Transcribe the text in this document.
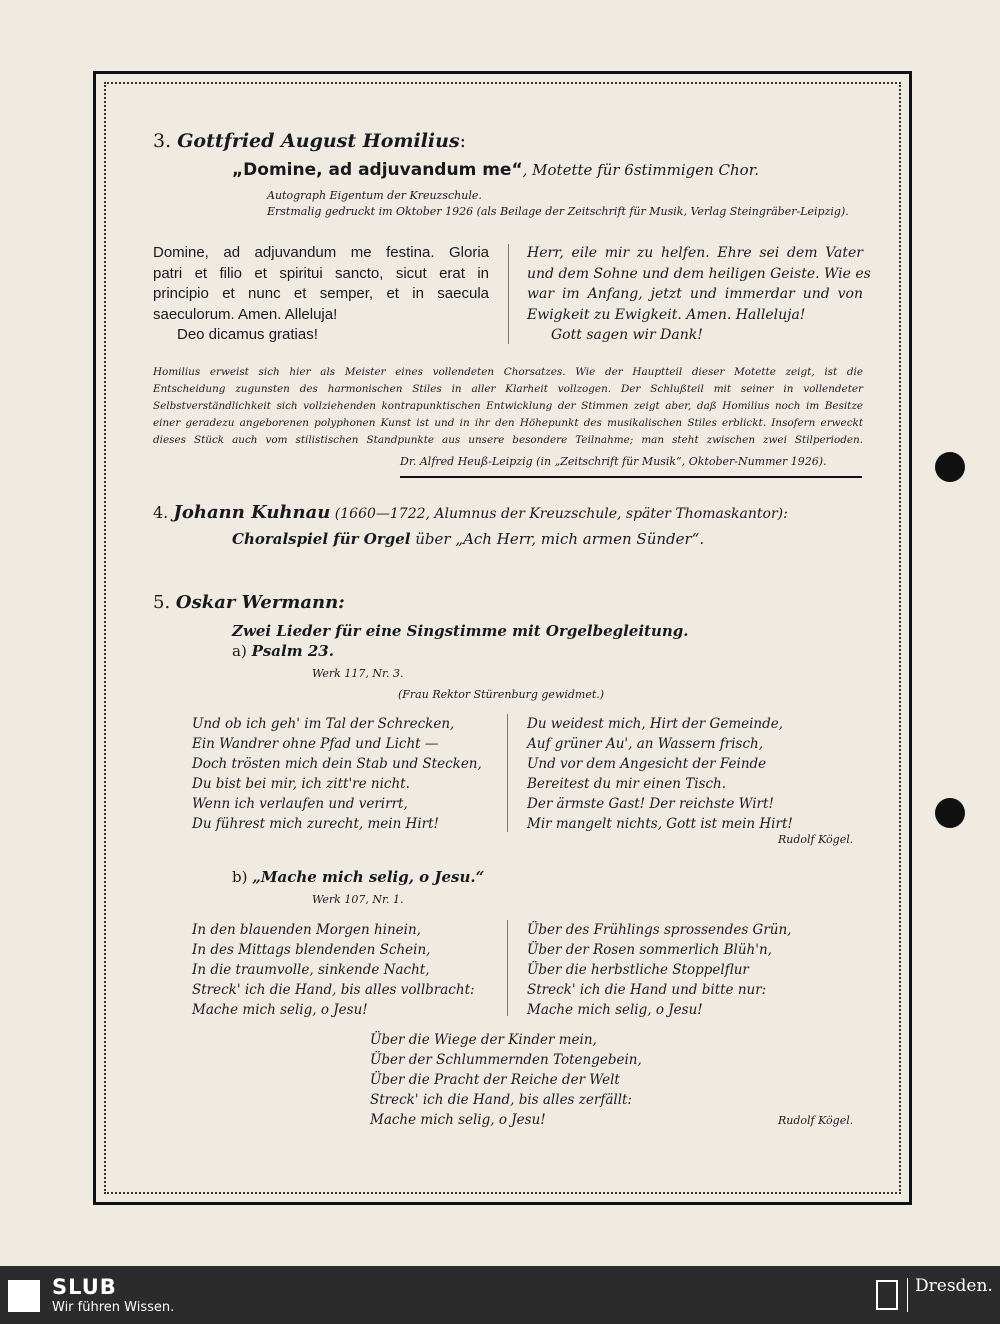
3. Gottfried August Homilius:
„Domine, ad adjuvandum me“, Motette für 6stimmigen Chor.
Autograph Eigentum der Kreuzschule.
Erstmalig gedruckt im Oktober 1926 (als Beilage der Zeitschrift für Musik, Verlag Steingräber-Leipzig).
Domine, ad adjuvandum me festina. Gloria
patri et filio et spiritui sancto, sicut erat in
principio et nunc et semper, et in saecula
saeculorum. Amen. Alleluja!
Deo dicamus gratias!
Herr, eile mir zu helfen. Ehre sei dem Vater
und dem Sohne und dem heiligen Geiste. Wie es
war im Anfang, jetzt und immerdar und von
Ewigkeit zu Ewigkeit. Amen. Halleluja!
Gott sagen wir Dank!
Homilius erweist sich hier als Meister eines vollendeten Chorsatzes. Wie der Hauptteil dieser Motette zeigt, ist die
Entscheidung zugunsten des harmonischen Stiles in aller Klarheit vollzogen. Der Schlußteil mit seiner in vollendeter
Selbstverständlichkeit sich vollziehenden kontrapunktischen Entwicklung der Stimmen zeigt aber, daß Homilius noch im Besitze
einer geradezu angeborenen polyphonen Kunst ist und in ihr den Höhepunkt des musikalischen Stiles erblickt. Insofern erweckt
dieses Stück auch vom stilistischen Standpunkte aus unsere besondere Teilnahme; man steht zwischen zwei Stilperioden.
Dr. Alfred Heuß-Leipzig (in „Zeitschrift für Musik“, Oktober-Nummer 1926).
4. Johann Kuhnau (1660—1722, Alumnus der Kreuzschule, später Thomaskantor):
Choralspiel für Orgel über „Ach Herr, mich armen Sünder“.
5. Oskar Wermann:
Zwei Lieder für eine Singstimme mit Orgelbegleitung.
a) Psalm 23.
Werk 117, Nr. 3.
(Frau Rektor Stürenburg gewidmet.)
Und ob ich geh' im Tal der Schrecken,
Ein Wandrer ohne Pfad und Licht —
Doch trösten mich dein Stab und Stecken,
Du bist bei mir, ich zitt're nicht.
Wenn ich verlaufen und verirrt,
Du führest mich zurecht, mein Hirt!
Du weidest mich, Hirt der Gemeinde,
Auf grüner Au', an Wassern frisch,
Und vor dem Angesicht der Feinde
Bereitest du mir einen Tisch.
Der ärmste Gast! Der reichste Wirt!
Mir mangelt nichts, Gott ist mein Hirt!
Rudolf Kögel.
b) „Mache mich selig, o Jesu.“
Werk 107, Nr. 1.
In den blauenden Morgen hinein,
In des Mittags blendenden Schein,
In die traumvolle, sinkende Nacht,
Streck' ich die Hand, bis alles vollbracht:
Mache mich selig, o Jesu!
Über des Frühlings sprossendes Grün,
Über der Rosen sommerlich Blüh'n,
Über die herbstliche Stoppelflur
Streck' ich die Hand und bitte nur:
Mache mich selig, o Jesu!
Über die Wiege der Kinder mein,
Über der Schlummernden Totengebein,
Über die Pracht der Reiche der Welt
Streck' ich die Hand, bis alles zerfällt:
Mache mich selig, o Jesu!	Rudolf Kögel.
SLUB
Wir führen Wissen.
Dresden.
